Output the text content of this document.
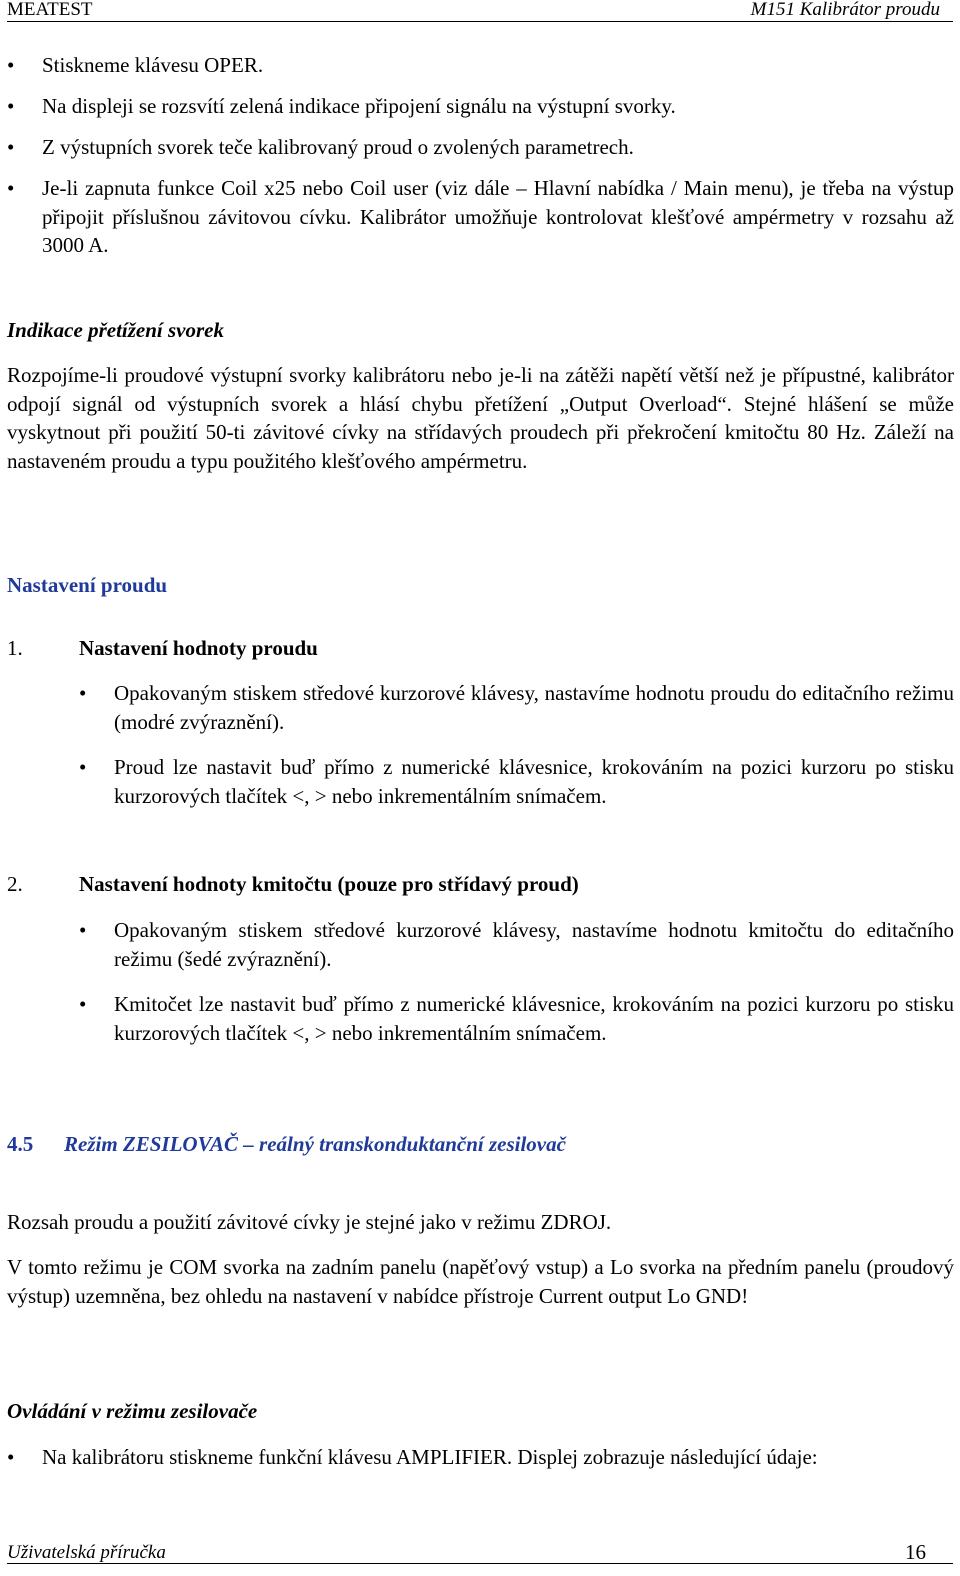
MEATEST	M151 Kalibrátor proudu
• Stiskneme klávesu OPER.
• Na displeji se rozsvítí zelená indikace připojení signálu na výstupní svorky.
• Z výstupních svorek teče kalibrovaný proud o zvolených parametrech.
• Je-li zapnuta funkce Coil x25 nebo Coil user (viz dále – Hlavní nabídka / Main menu), je třeba na výstup připojit příslušnou závitovou cívku. Kalibrátor umožňuje kontrolovat klešťové ampérmetry v rozsahu až 3000 A.
Indikace přetížení svorek
Rozpojíme-li proudové výstupní svorky kalibrátoru nebo je-li na zátěži napětí větší než je přípustné, kalibrátor odpojí signál od výstupních svorek a hlásí chybu přetížení „Output Overload“. Stejné hlášení se může vyskytnout při použití 50-ti závitové cívky na střídavých proudech při překročení kmitočtu 80 Hz. Záleží na nastaveném proudu a typu použitého klešťového ampérmetru.
Nastavení proudu
1.	Nastavení hodnoty proudu
• Opakovaným stiskem středové kurzorové klávesy, nastavíme hodnotu proudu do editačního režimu (modré zvýraznění).
• Proud lze nastavit buď přímo z numerické klávesnice, krokováním na pozici kurzoru po stisku kurzorových tlačítek <, > nebo inkrementálním snímačem.
2.	Nastavení hodnoty kmitočtu (pouze pro střídavý proud)
• Opakovaným stiskem středové kurzorové klávesy, nastavíme hodnotu kmitočtu do editačního režimu (šedé zvýraznění).
• Kmitočet lze nastavit buď přímo z numerické klávesnice, krokováním na pozici kurzoru po stisku kurzorových tlačítek <, > nebo inkrementálním snímačem.
4.5 Režim ZESILOVAČ – reálný transkonduktanční zesilovač
Rozsah proudu a použití závitové cívky je stejné jako v režimu ZDROJ.
V tomto režimu je COM svorka na zadním panelu (napěťový vstup) a Lo svorka na předním panelu (proudový výstup) uzemněna, bez ohledu na nastavení v nabídce přístroje Current output Lo GND!
Ovládání v režimu zesilovače
• Na kalibrátoru stiskneme funkční klávesu AMPLIFIER. Displej zobrazuje následující údaje:
Uživatelská příručka	16
